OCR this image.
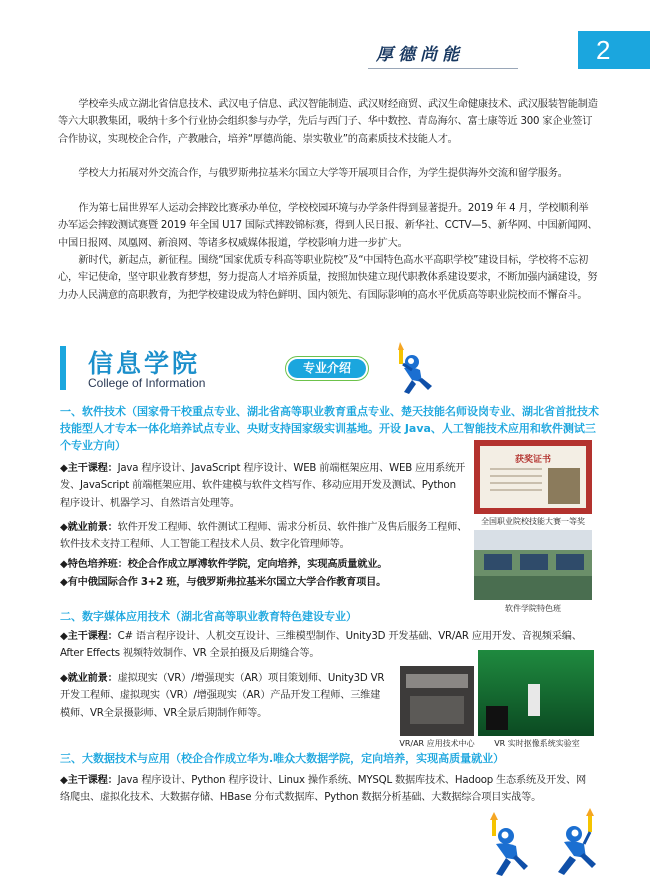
厚德尚能	2

学校牵头成立湖北省信息技术、武汉电子信息、武汉智能制造、武汉财经商贸、武汉生命健康技术、武汉服装智能制造等六大职教集团，吸纳十多个行业协会组织参与办学，先后与西门子、华中数控、青岛海尔、富士康等近 300 家企业签订合作协议，实现校企合作，产教融合，培养“厚德尚能、崇实敬业”的高素质技术技能人才。

学校大力拓展对外交流合作，与俄罗斯弗拉基米尔国立大学等开展项目合作，为学生提供海外交流和留学服务。

作为第七届世界军人运动会摔跤比赛承办单位，学校校园环境与办学条件得到显著提升。2019 年 4 月，学校顺利举办军运会摔跤测试赛暨 2019 年全国 U17 国际式摔跤锦标赛，得到人民日报、新华社、CCTV—5、新华网、中国新闻网、中国日报网、凤凰网、新浪网、等诸多权威媒体报道，学校影响力进一步扩大。

新时代，新起点，新征程。围绕“国家优质专科高等职业院校”及“中国特色高水平高职学校”建设目标，学校将不忘初心，牢记使命，坚守职业教育梦想，努力提高人才培养质量，按照加快建立现代职教体系建设要求，不断加强内涵建设，努力办人民满意的高职教育，为把学校建设成为特色鲜明、国内领先、有国际影响的高水平优质高等职业院校而不懈奋斗。

信息学院
College of Information
专业介绍

一、软件技术（国家骨干校重点专业、湖北省高等职业教育重点专业、楚天技能名师设岗专业、湖北省首批技术技能型人才专本一体化培养试点专业、央财支持国家级实训基地。开设 Java、人工智能技术应用和软件测试三个专业方向）

◆主干课程：Java 程序设计、JavaScript 程序设计、WEB 前端框架应用、WEB 应用系统开发、JavaScript 前端框架应用、软件建模与软件文档写作、移动应用开发及测试、Python 程序设计、机器学习、自然语言处理等。

◆就业前景：软件开发工程师、软件测试工程师、需求分析员、软件推广及售后服务工程师、软件技术支持工程师、人工智能工程技术人员、数字化管理师等。

◆特色培养班：校企合作成立厚溥软件学院，定向培养，实现高质量就业。

◆有中俄国际合作 3+2 班，与俄罗斯弗拉基米尔国立大学合作教育项目。

获奖证书
全国职业院校技能大赛一等奖
软件学院特色班

二、数字媒体应用技术（湖北省高等职业教育特色建设专业）

◆主干课程：C# 语言程序设计、人机交互设计、三维模型制作、Unity3D 开发基础、VR/AR 应用开发、音视频采编、After Effects 视频特效制作、VR 全景拍摄及后期缝合等。

◆就业前景：虚拟现实（VR）/增强现实（AR）项目策划师、Unity3D VR开发工程师、虚拟现实（VR）/增强现实（AR）产品开发工程师、三维建模师、VR全景摄影师、VR全景后期制作师等。

VR/AR 应用技术中心	VR 实时抠像系统实验室

三、大数据技术与应用（校企合作成立华为.唯众大数据学院，定向培养，实现高质量就业）

◆主干课程：Java 程序设计、Python 程序设计、Linux 操作系统、MYSQL 数据库技术、Hadoop 生态系统及开发、网络爬虫、虚拟化技术、大数据存储、HBase 分布式数据库、Python 数据分析基础、大数据综合项目实战等。
